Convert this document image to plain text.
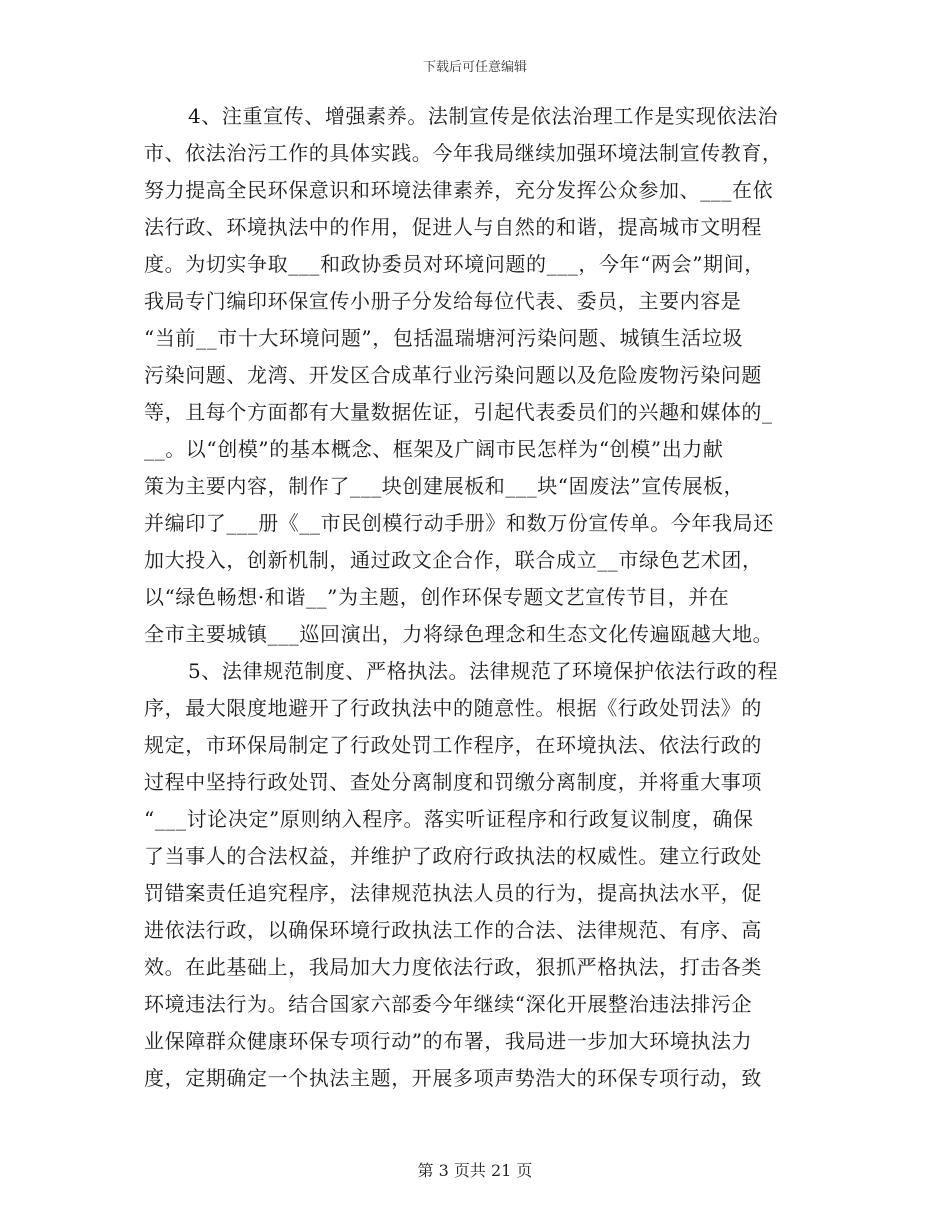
下载后可任意编辑
4、注重宣传、增强素养。法制宣传是依法治理工作是实现依法治
市、依法治污工作的具体实践。今年我局继续加强环境法制宣传教育，
努力提高全民环保意识和环境法律素养，充分发挥公众参加、___在依
法行政、环境执法中的作用，促进人与自然的和谐，提高城市文明程
度。为切实争取___和政协委员对环境问题的___，今年“两会”期间，
我局专门编印环保宣传小册子分发给每位代表、委员，主要内容是
“当前__市十大环境问题”，包括温瑞塘河污染问题、城镇生活垃圾
污染问题、龙湾、开发区合成革行业污染问题以及危险废物污染问题
等，且每个方面都有大量数据佐证，引起代表委员们的兴趣和媒体的_
__。以“创模”的基本概念、框架及广阔市民怎样为“创模”出力献
策为主要内容，制作了___块创建展板和___块“固废法”宣传展板，
并编印了___册《__市民创模行动手册》和数万份宣传单。今年我局还
加大投入，创新机制，通过政文企合作，联合成立__市绿色艺术团，
以“绿色畅想·和谐__”为主题，创作环保专题文艺宣传节目，并在
全市主要城镇___巡回演出，力将绿色理念和生态文化传遍瓯越大地。
5、法律规范制度、严格执法。法律规范了环境保护依法行政的程
序，最大限度地避开了行政执法中的随意性。根据《行政处罚法》的
规定，市环保局制定了行政处罚工作程序，在环境执法、依法行政的
过程中坚持行政处罚、查处分离制度和罚缴分离制度，并将重大事项
“___讨论决定”原则纳入程序。落实听证程序和行政复议制度，确保
了当事人的合法权益，并维护了政府行政执法的权威性。建立行政处
罚错案责任追究程序，法律规范执法人员的行为，提高执法水平，促
进依法行政，以确保环境行政执法工作的合法、法律规范、有序、高
效。在此基础上，我局加大力度依法行政，狠抓严格执法，打击各类
环境违法行为。结合国家六部委今年继续“深化开展整治违法排污企
业保障群众健康环保专项行动”的布署，我局进一步加大环境执法力
度，定期确定一个执法主题，开展多项声势浩大的环保专项行动，致
第 3 页共 21 页
